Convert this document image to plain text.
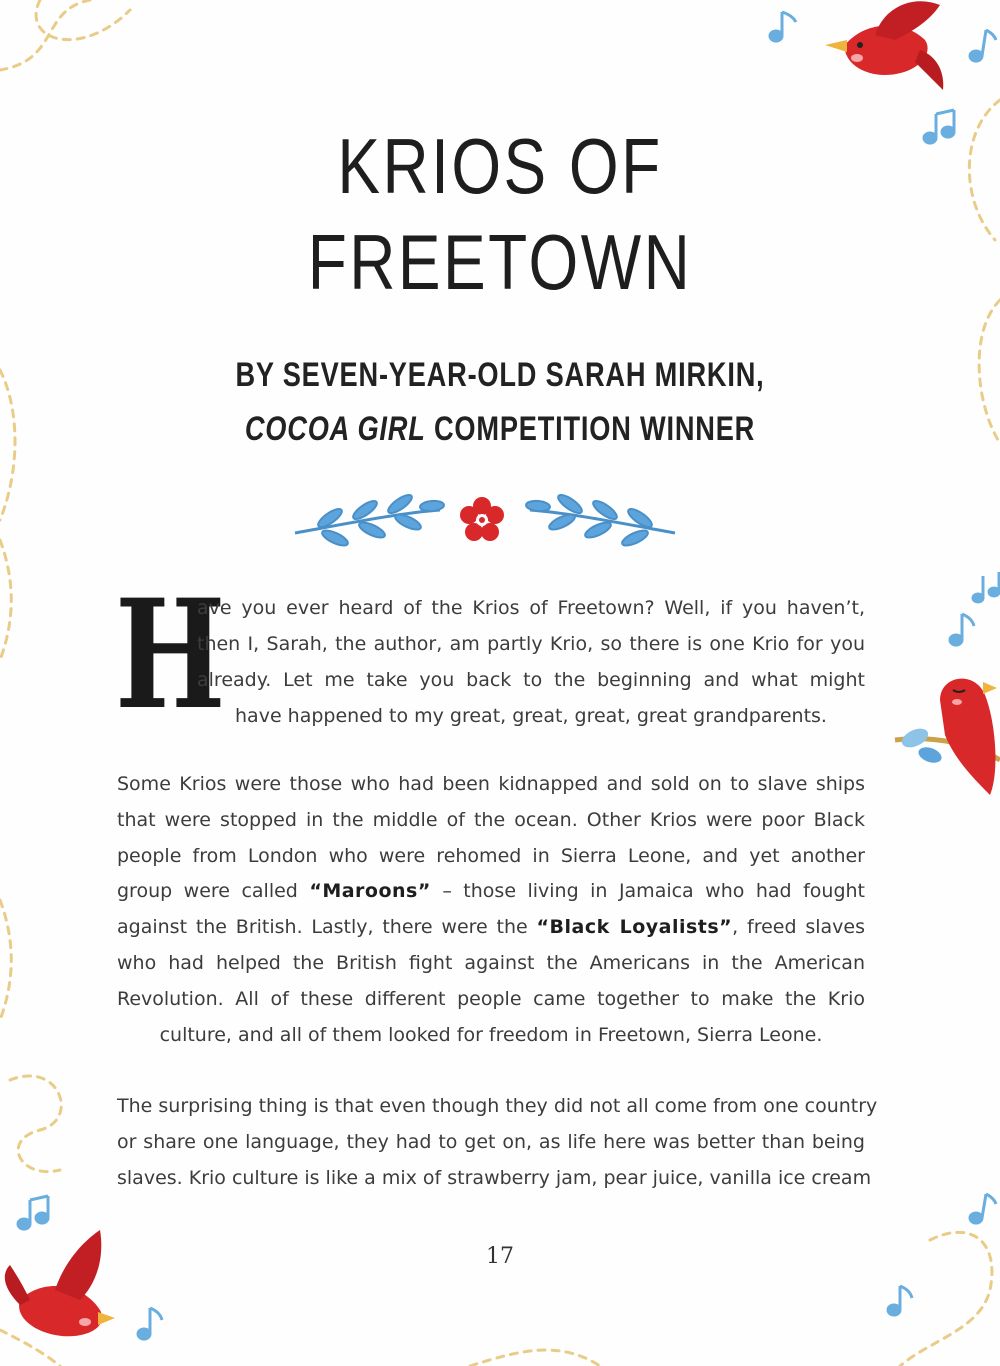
KRIOS OF
FREETOWN
BY SEVEN-YEAR-OLD SARAH MIRKIN,
COCOA GIRL COMPETITION WINNER
H
ave you ever heard of the Krios of Freetown? Well, if you haven’t,
then I, Sarah, the author, am partly Krio, so there is one Krio for you
already. Let me take you back to the beginning and what might
have happened to my great, great, great, great grandparents.

Some Krios were those who had been kidnapped and sold on to slave ships
that were stopped in the middle of the ocean. Other Krios were poor Black
people from London who were rehomed in Sierra Leone, and yet another
group were called “Maroons” – those living in Jamaica who had fought
against the British. Lastly, there were the “Black Loyalists”, freed slaves
who had helped the British fight against the Americans in the American
Revolution. All of these different people came together to make the Krio
culture, and all of them looked for freedom in Freetown, Sierra Leone.

The surprising thing is that even though they did not all come from one country
or share one language, they had to get on, as life here was better than being
slaves. Krio culture is like a mix of strawberry jam, pear juice, vanilla ice cream

17
